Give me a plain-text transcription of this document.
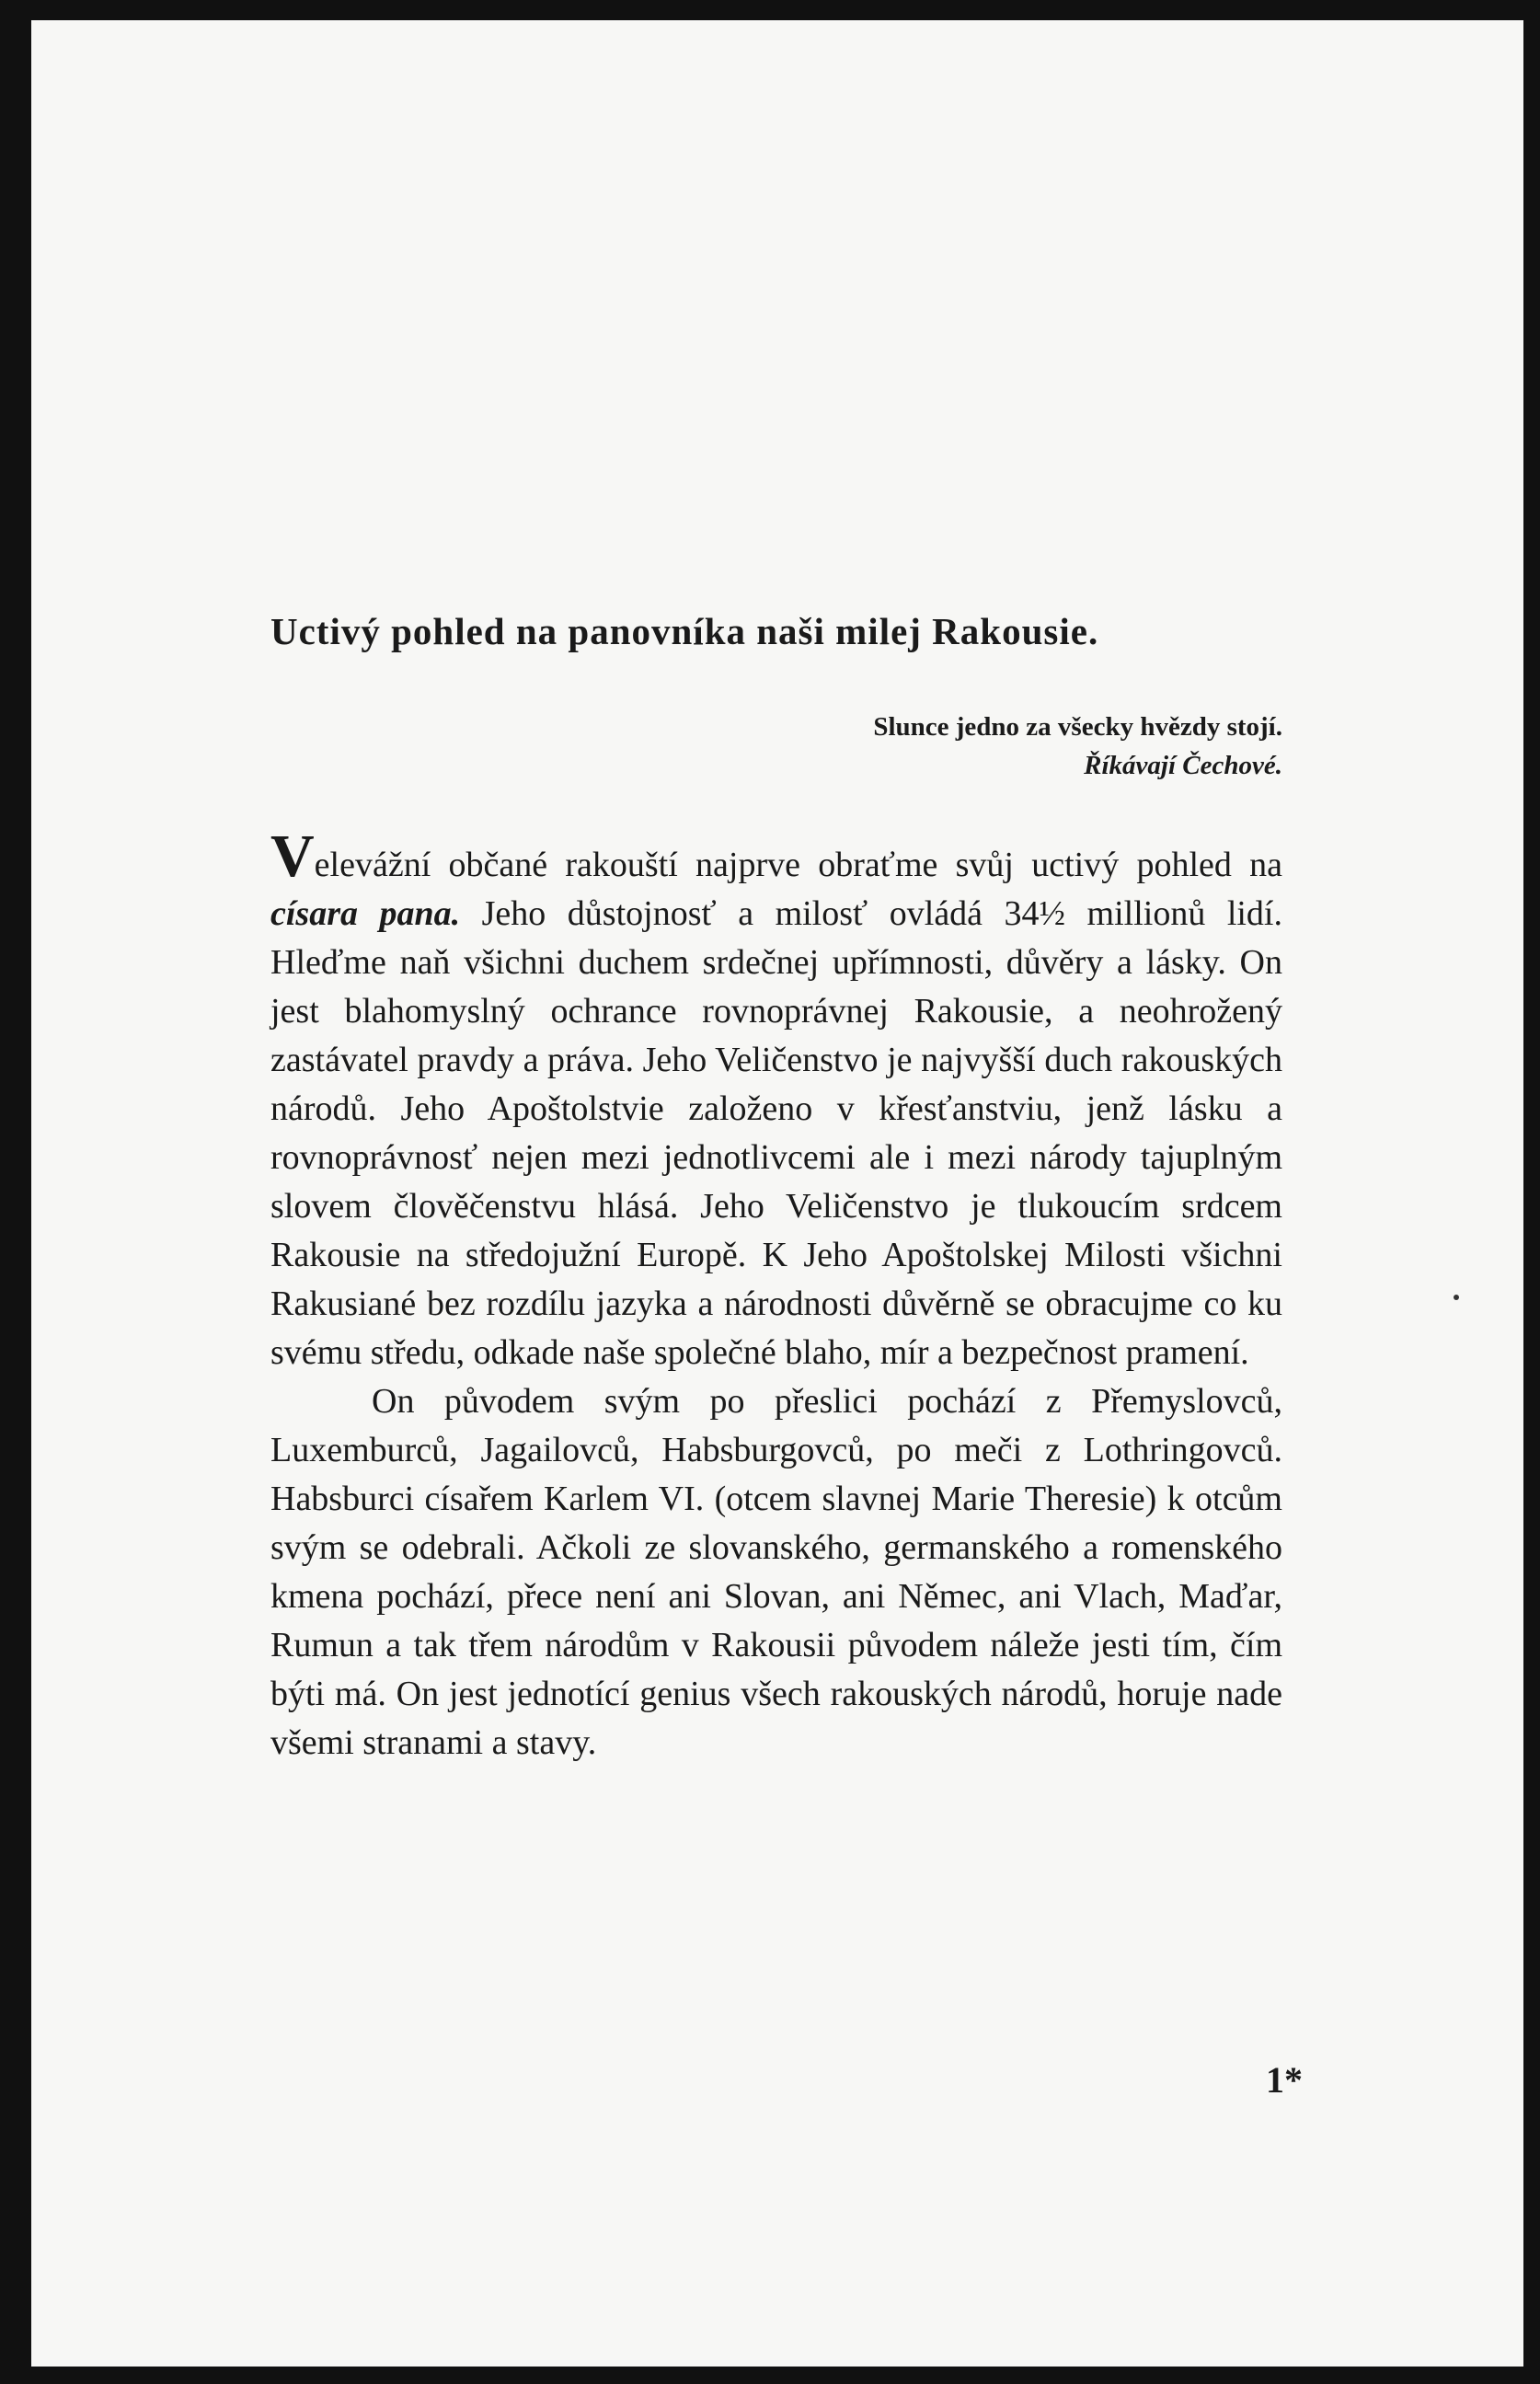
Uctivý pohled na panovníka naši milej Rakousie.
Slunce jedno za všecky hvězdy stojí.
Říkávají Čechové.

Velevážní občané rakouští najprve obraťme svůj uctivý pohled na císara pana. Jeho důstojnosť a milosť ovládá 34½ millionů lidí. Hleďme naň všichni duchem srdečnej upřímnosti, důvěry a lásky. On jest blahomyslný ochrance rovnoprávnej Rakousie, a neohrožený zastávatel pravdy a práva. Jeho Veličenstvo je najvyšší duch rakouských národů. Jeho Apoštolstvie založeno v křesťanstviu, jenž lásku a rovnoprávnosť nejen mezi jednotlivcemi ale i mezi národy tajuplným slovem člověčenstvu hlásá. Jeho Veličenstvo je tlukoucím srdcem Rakousie na středojužní Europě. K Jeho Apoštolskej Milosti všichni Rakusiané bez rozdílu jazyka a národnosti důvěrně se obracujme co ku svému středu, odkade naše společné blaho, mír a bezpečnost pramení.

On původem svým po přeslici pochází z Přemyslovců, Luxemburců, Jagailovců, Habsburgovců, po meči z Lothringovců. Habsburci císařem Karlem VI. (otcem slavnej Marie Theresie) k otcům svým se odebrali. Ačkoli ze slovanského, germanského a romenského kmena pochází, přece není ani Slovan, ani Němec, ani Vlach, Maďar, Rumun a tak třem národům v Rakousii původem náleže jesti tím, čím býti má. On jest jednotící genius všech rakouských národů, horuje nade všemi stranami a stavy.

1*
